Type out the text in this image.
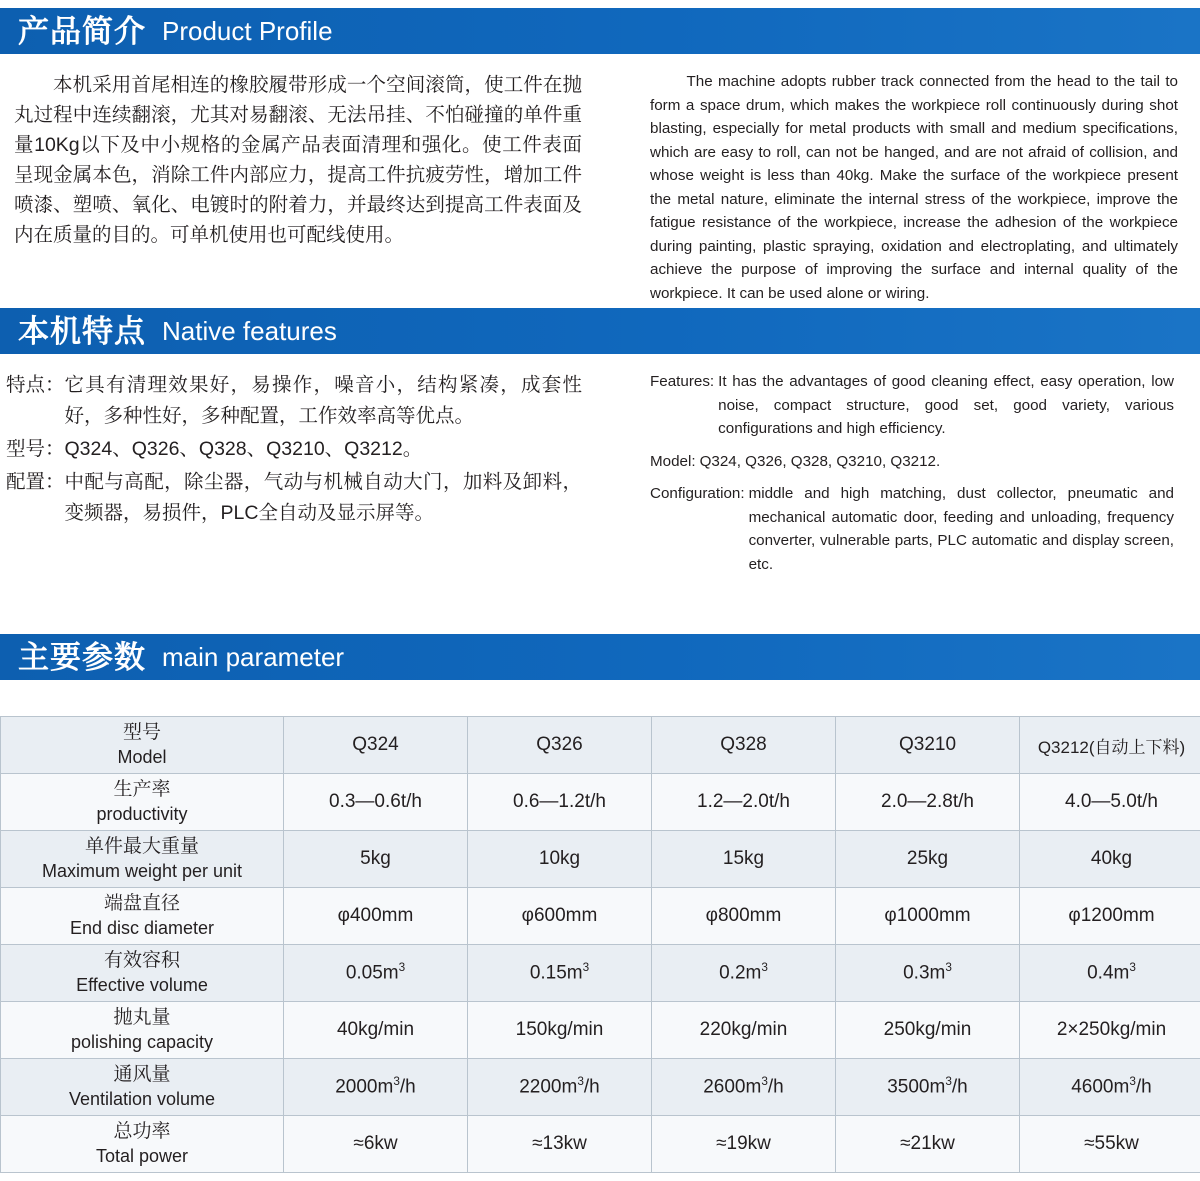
产品简介 Product Profile

本机采用首尾相连的橡胶履带形成一个空间滚筒，使工件在抛丸过程中连续翻滚，尤其对易翻滚、无法吊挂、不怕碰撞的单件重量10Kg以下及中小规格的金属产品表面清理和强化。使工件表面呈现金属本色，消除工件内部应力，提高工件抗疲劳性，增加工件喷漆、塑喷、氧化、电镀时的附着力，并最终达到提高工件表面及内在质量的目的。可单机使用也可配线使用。

The machine adopts rubber track connected from the head to the tail to form a space drum, which makes the workpiece roll continuously during shot blasting, especially for metal products with small and medium specifications, which are easy to roll, can not be hanged, and are not afraid of collision, and whose weight is less than 40kg. Make the surface of the workpiece present the metal nature, eliminate the internal stress of the workpiece, improve the fatigue resistance of the workpiece, increase the adhesion of the workpiece during painting, plastic spraying, oxidation and electroplating, and ultimately achieve the purpose of improving the surface and internal quality of the workpiece. It can be used alone or wiring.

本机特点 Native features
特点： 它具有清理效果好，易操作，噪音小，结构紧凑，成套性好，多种性好，多种配置，工作效率高等优点。
型号： Q324、Q326、Q328、Q3210、Q3212。
配置： 中配与高配，除尘器，气动与机械自动大门，加料及卸料，变频器，易损件，PLC全自动及显示屏等。
Features: It has the advantages of good cleaning effect, easy operation, low noise, compact structure, good set, good variety, various configurations and high efficiency.
Model: Q324, Q326, Q328, Q3210, Q3212.
Configuration: middle and high matching, dust collector, pneumatic and mechanical automatic door, feeding and unloading, frequency converter, vulnerable parts, PLC automatic and display screen, etc.
主要参数 main parameter
型号
Model	Q324	Q326	Q328	Q3210	Q3212(自动上下料)

生产率
productivity	0.3—0.6t/h	0.6—1.2t/h	1.2—2.0t/h	2.0—2.8t/h	4.0—5.0t/h

单件最大重量
Maximum weight per unit	5kg	10kg	15kg	25kg	40kg

端盘直径
End disc diameter	φ400mm	φ600mm	φ800mm	φ1000mm	φ1200mm

有效容积
Effective volume	$0.05m^3$	$0.15m^3$	$0.2m^3$	$0.3m^3$	$0.4m^3$

抛丸量
polishing capacity	40kg/min	150kg/min	220kg/min	250kg/min	2×250kg/min

通风量
Ventilation volume	$2000m^3/h$	$2200m^3/h$	$2600m^3/h$	$3500m^3/h$	$4600m^3/h$

总功率
Total power	≈6kw	≈13kw	≈19kw	≈21kw	≈55kw
